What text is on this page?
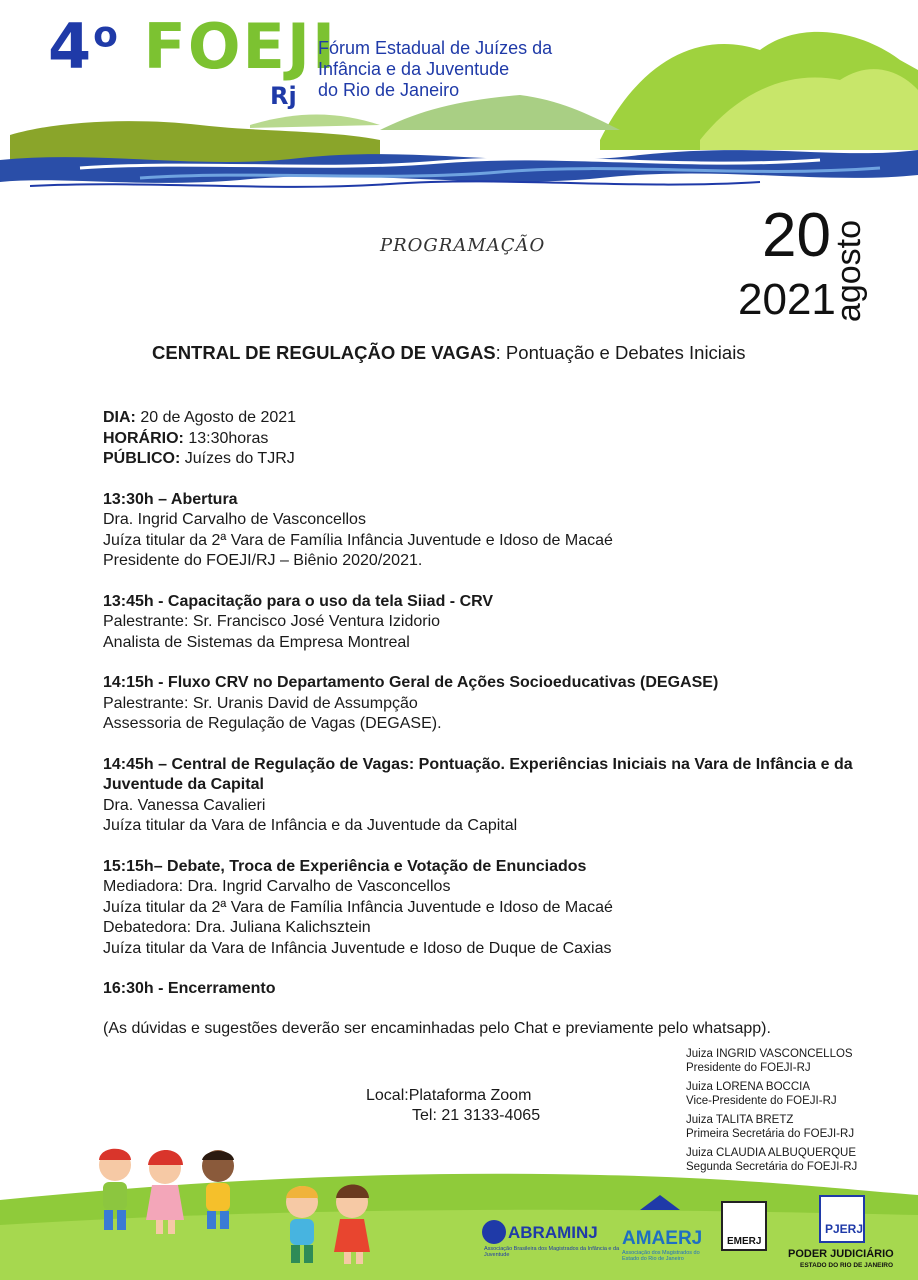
4$^o$ FOEJI
Rj
Fórum Estadual de Juízes da
Infância e da Juventude
do Rio de Janeiro
PROGRAMAÇÃO	20
2021
agosto
CENTRAL DE REGULAÇÃO DE VAGAS: Pontuação e Debates Iniciais

DIA: 20 de Agosto de 2021

HORÁRIO: 13:30horas

PÚBLICO: Juízes do TJRJ

13:30h – Abertura

Dra. Ingrid Carvalho de Vasconcellos

Juíza titular da 2ª Vara de Família Infância Juventude e Idoso de Macaé

Presidente do FOEJI/RJ – Biênio 2020/2021.

13:45h - Capacitação para o uso da tela Siiad - CRV

Palestrante: Sr. Francisco José Ventura Izidorio

Analista de Sistemas da Empresa Montreal

14:15h - Fluxo CRV no Departamento Geral de Ações Socioeducativas (DEGASE)

Palestrante: Sr. Uranis David de Assumpção

Assessoria de Regulação de Vagas (DEGASE).

14:45h – Central de Regulação de Vagas: Pontuação. Experiências Iniciais na Vara de Infância e da Juventude da Capital

Dra. Vanessa Cavalieri

Juíza titular da Vara de Infância e da Juventude da Capital

15:15h– Debate, Troca de Experiência e Votação de Enunciados

Mediadora: Dra. Ingrid Carvalho de Vasconcellos

Juíza titular da 2ª Vara de Família Infância Juventude e Idoso de Macaé

Debatedora: Dra. Juliana Kalichsztein

Juíza titular da Vara de Infância Juventude e Idoso de Duque de Caxias

16:30h - Encerramento

(As dúvidas e sugestões deverão ser encaminhadas pelo Chat e previamente pelo whatsapp).

Juiza INGRID VASCONCELLOS
Presidente do FOEJI-RJ

Juiza LORENA BOCCIA
Vice-Presidente do FOEJI-RJ

Juiza TALITA BRETZ
Primeira Secretária do FOEJI-RJ

Juiza CLAUDIA ALBUQUERQUE
Segunda Secretária do FOEJI-RJ

Local:Plataforma Zoom
Tel: 21 3133-4065
ABRAMINJ
Associação Brasileira dos Magistrados da Infância e da Juventude
AMAERJ
Associação dos Magistrados do Estado do Rio de Janeiro
EMERJ
PJERJ
PODER JUDICIÁRIO
ESTADO DO RIO DE JANEIRO
